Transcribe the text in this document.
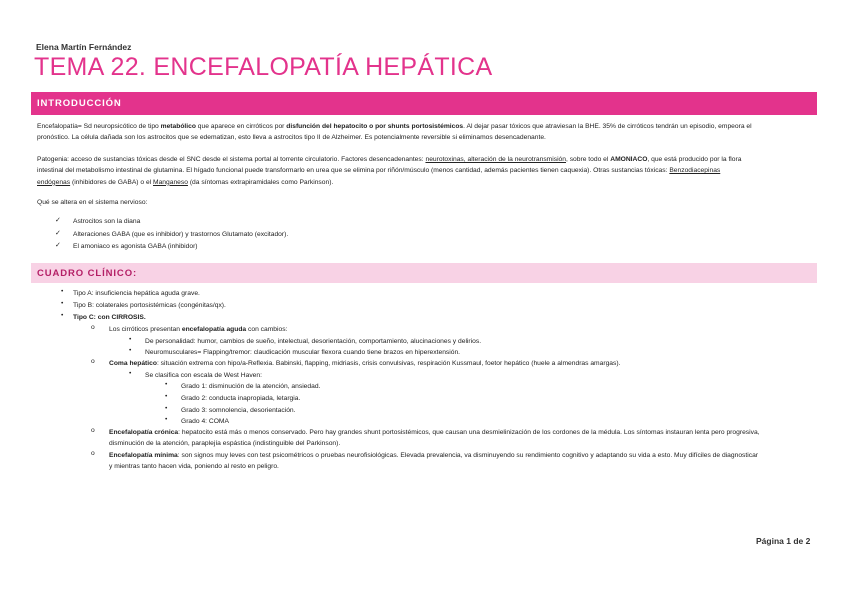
Elena Martín Fernández
TEMA 22. ENCEFALOPATÍA HEPÁTICA
INTRODUCCIÓN
Encefalopatía= Sd neuropsicótico de tipo metabólico que aparece en cirróticos por disfunción del hepatocito o por shunts portosistémicos. Al dejar pasar tóxicos que atraviesan la BHE. 35% de cirróticos tendrán un episodio, empeora el
pronóstico. La célula dañada son los astrocitos que se edematizan, esto lleva a astrocitos tipo II de Alzheimer. Es potencialmente reversible si eliminamos desencadenante.
Patogenia: acceso de sustancias tóxicas desde el SNC desde el sistema portal al torrente circulatorio. Factores desencadenantes: neurotoxinas, alteración de la neurotransmisión, sobre todo el AMONIACO, que está producido por la flora
intestinal del metabolismo intestinal de glutamina. El hígado funcional puede transformarlo en urea que se elimina por riñón/músculo (menos cantidad, además pacientes tienen caquexia). Otras sustancias tóxicas: Benzodiacepinas
endógenas (inhibidores de GABA) o el Manganeso (da síntomas extrapiramidales como Parkinson).
Qué se altera en el sistema nervioso:
✓ Astrocitos son la diana
✓ Alteraciones GABA (que es inhibidor) y trastornos Glutamato (excitador).
✓ El amoniaco es agonista GABA (inhibidor)
CUADRO CLÍNICO:
• Tipo A: insuficiencia hepática aguda grave.
• Tipo B: colaterales portosistémicas (congénitas/qx).
• Tipo C: con CIRROSIS.
o Los cirróticos presentan encefalopatía aguda con cambios:
• De personalidad: humor, cambios de sueño, intelectual, desorientación, comportamiento, alucinaciones y delirios.
• Neuromusculares= Flapping/tremor: claudicación muscular flexora cuando tiene brazos en hiperextensión.
o Coma hepático: situación extrema con hipo/a-Reflexia. Babinski, flapping, midriasis, crisis convulsivas, respiración Kussmaul, foetor hepático (huele a almendras amargas).
• Se clasifica con escala de West Haven:
• Grado 1: disminución de la atención, ansiedad.
• Grado 2: conducta inapropiada, letargia.
• Grado 3: somnolencia, desorientación.
• Grado 4: COMA
o Encefalopatía crónica: hepatocito está más o menos conservado. Pero hay grandes shunt portosistémicos, que causan una desmielinización de los cordones de la médula. Los síntomas instauran lenta pero progresiva,
disminución de la atención, paraplejía espástica (indistinguible del Parkinson).
o Encefalopatía mínima: son signos muy leves con test psicométricos o pruebas neurofisiológicas. Elevada prevalencia, va disminuyendo su rendimiento cognitivo y adaptando su vida a esto. Muy difíciles de diagnosticar
y mientras tanto hacen vida, poniendo al resto en peligro.
Página 1 de 2
